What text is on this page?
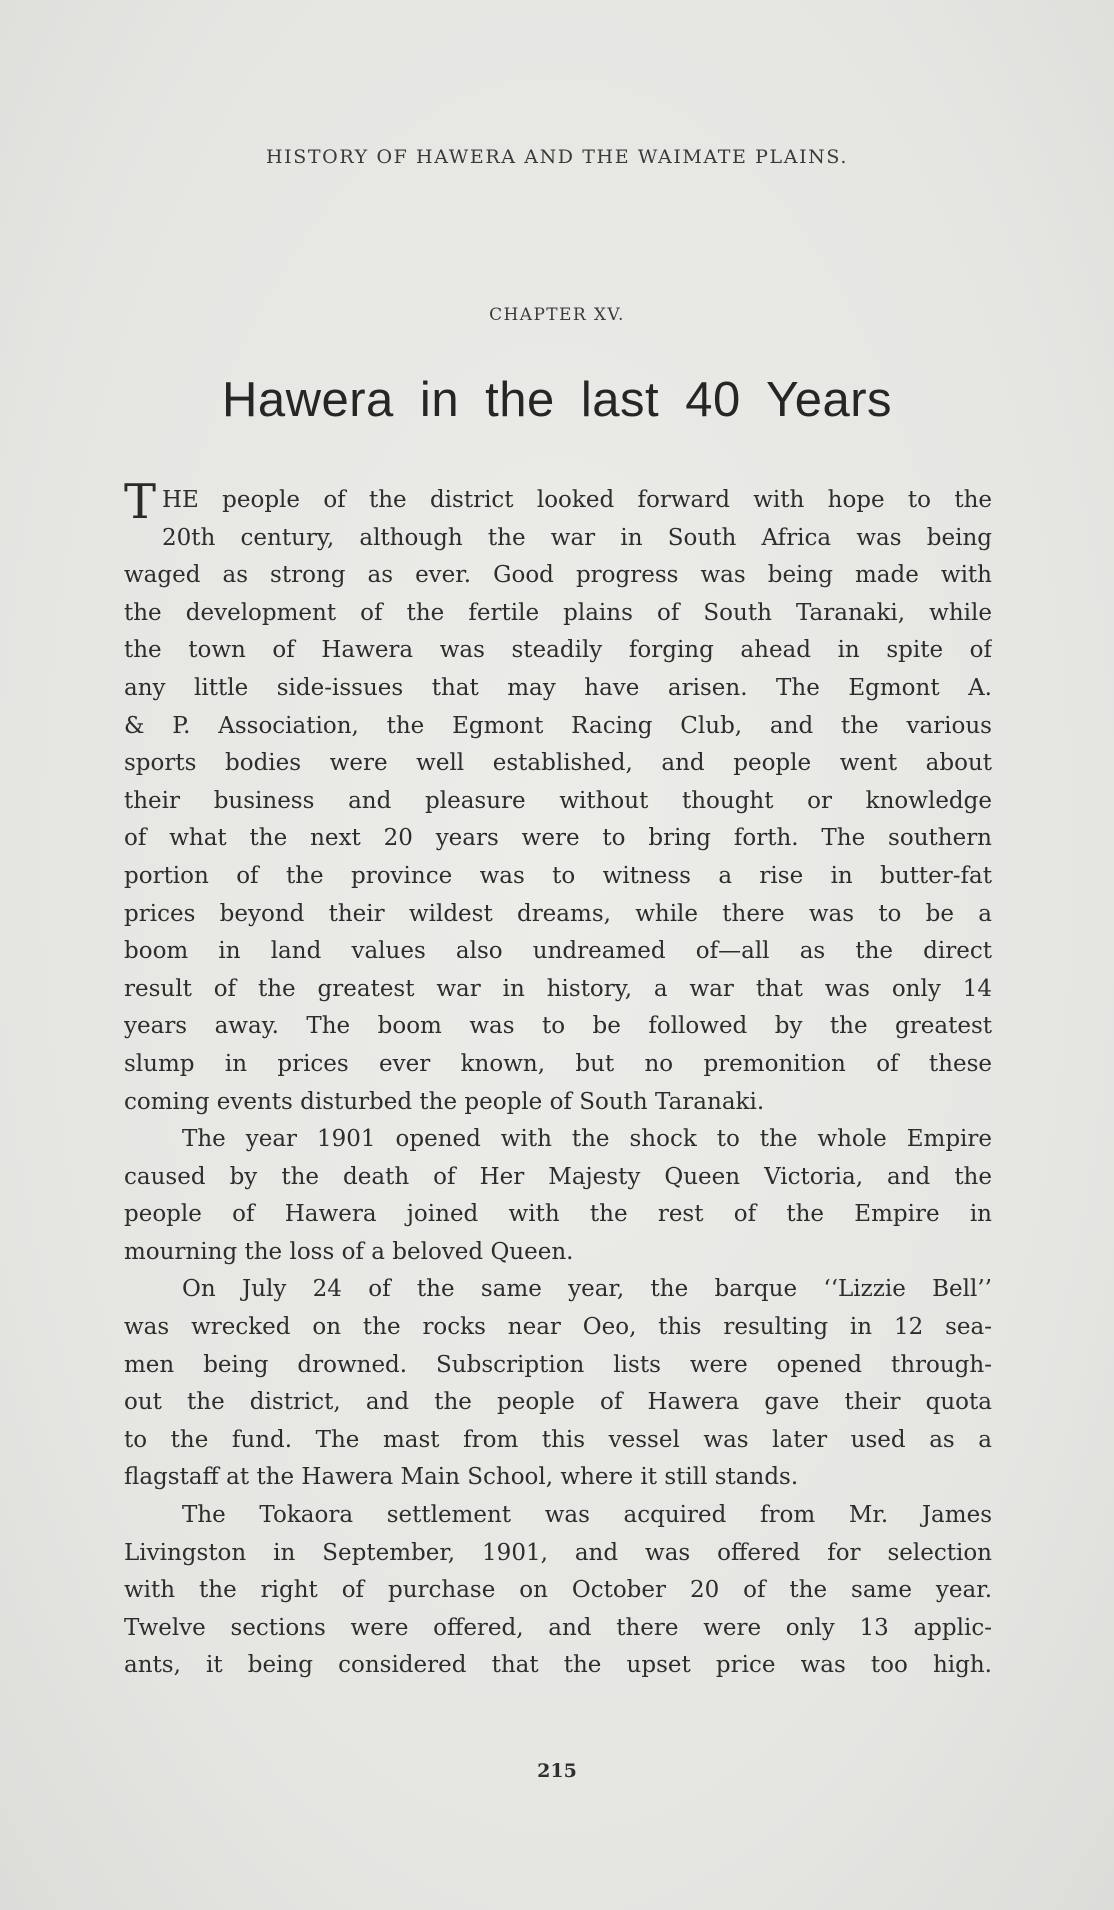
HISTORY OF HAWERA AND THE WAIMATE PLAINS.
CHAPTER XV.
Hawera in the last 40 Years
T HE people of the district looked forward with hope to the
20th century, although the war in South Africa was being
waged as strong as ever. Good progress was being made with
the development of the fertile plains of South Taranaki, while
the town of Hawera was steadily forging ahead in spite of
any little side-issues that may have arisen. The Egmont A.
& P. Association, the Egmont Racing Club, and the various
sports bodies were well established, and people went about
their business and pleasure without thought or knowledge
of what the next 20 years were to bring forth. The southern
portion of the province was to witness a rise in butter-fat
prices beyond their wildest dreams, while there was to be a
boom in land values also undreamed of—all as the direct
result of the greatest war in history, a war that was only 14
years away. The boom was to be followed by the greatest
slump in prices ever known, but no premonition of these
coming events disturbed the people of South Taranaki.
The year 1901 opened with the shock to the whole Empire
caused by the death of Her Majesty Queen Victoria, and the
people of Hawera joined with the rest of the Empire in
mourning the loss of a beloved Queen.
On July 24 of the same year, the barque ‘‘Lizzie Bell’’
was wrecked on the rocks near Oeo, this resulting in 12 sea-
men being drowned. Subscription lists were opened through-
out the district, and the people of Hawera gave their quota
to the fund. The mast from this vessel was later used as a
flagstaff at the Hawera Main School, where it still stands.
The Tokaora settlement was acquired from Mr. James
Livingston in September, 1901, and was offered for selection
with the right of purchase on October 20 of the same year.
Twelve sections were offered, and there were only 13 applic-
ants, it being considered that the upset price was too high.
215
